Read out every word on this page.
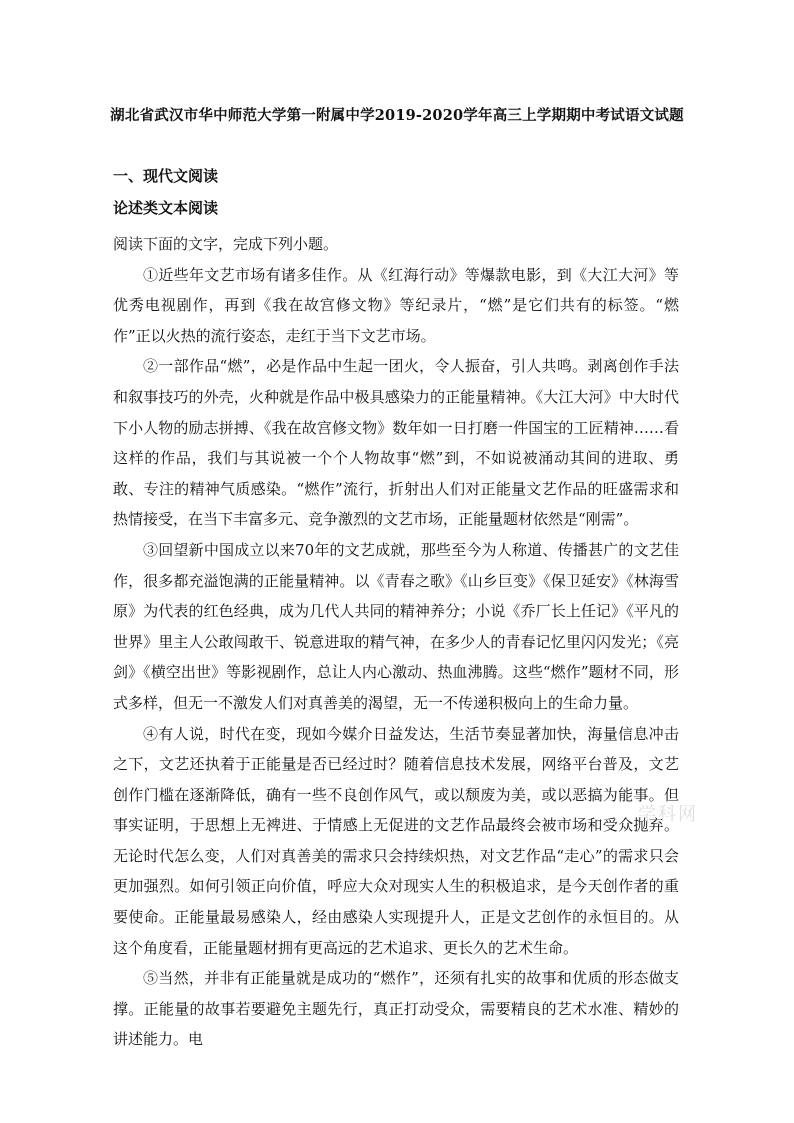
湖北省武汉市华中师范大学第一附属中学2019-2020学年高三上学期期中考试语文试题
一、现代文阅读
论述类文本阅读

阅读下面的文字，完成下列小题。

①近些年文艺市场有诸多佳作。从《红海行动》等爆款电影，到《大江大河》等优秀电视剧作，再到《我在故宫修文物》等纪录片，“燃”是它们共有的标签。“燃作”正以火热的流行姿态，走红于当下文艺市场。

②一部作品“燃”，必是作品中生起一团火，令人振奋，引人共鸣。剥离创作手法和叙事技巧的外壳，火种就是作品中极具感染力的正能量精神。《大江大河》中大时代下小人物的励志拼搏、《我在故宫修文物》数年如一日打磨一件国宝的工匠精神……看这样的作品，我们与其说被一个个人物故事“燃”到，不如说被涌动其间的进取、勇敢、专注的精神气质感染。“燃作”流行，折射出人们对正能量文艺作品的旺盛需求和热情接受，在当下丰富多元、竞争激烈的文艺市场，正能量题材依然是“刚需”。

③回望新中国成立以来70年的文艺成就，那些至今为人称道、传播甚广的文艺佳作，很多都充溢饱满的正能量精神。以《青春之歌》《山乡巨变》《保卫延安》《林海雪原》为代表的红色经典，成为几代人共同的精神养分；小说《乔厂长上任记》《平凡的世界》里主人公敢闯敢干、锐意进取的精气神，在多少人的青春记忆里闪闪发光；《亮剑》《横空出世》等影视剧作，总让人内心激动、热血沸腾。这些“燃作”题材不同，形式多样，但无一不激发人们对真善美的渴望，无一不传递积极向上的生命力量。

④有人说，时代在变，现如今媒介日益发达，生活节奏显著加快，海量信息冲击之下，文艺还执着于正能量是否已经过时？随着信息技术发展，网络平台普及，文艺创作门槛在逐渐降低，确有一些不良创作风气，或以颓废为美，或以恶搞为能事。但事实证明，于思想上无裨进、于情感上无促进的文艺作品最终会被市场和受众抛弃。无论时代怎么变，人们对真善美的需求只会持续炽热，对文艺作品“走心”的需求只会更加强烈。如何引领正向价值，呼应大众对现实人生的积极追求，是今天创作者的重要使命。正能量最易感染人，经由感染人实现提升人，正是文艺创作的永恒目的。从这个角度看，正能量题材拥有更高远的艺术追求、更长久的艺术生命。

⑤当然，并非有正能量就是成功的“燃作”，还须有扎实的故事和优质的形态做支撑。正能量的故事若要避免主题先行，真正打动受众，需要精良的艺术水准、精妙的讲述能力。电

学科网
